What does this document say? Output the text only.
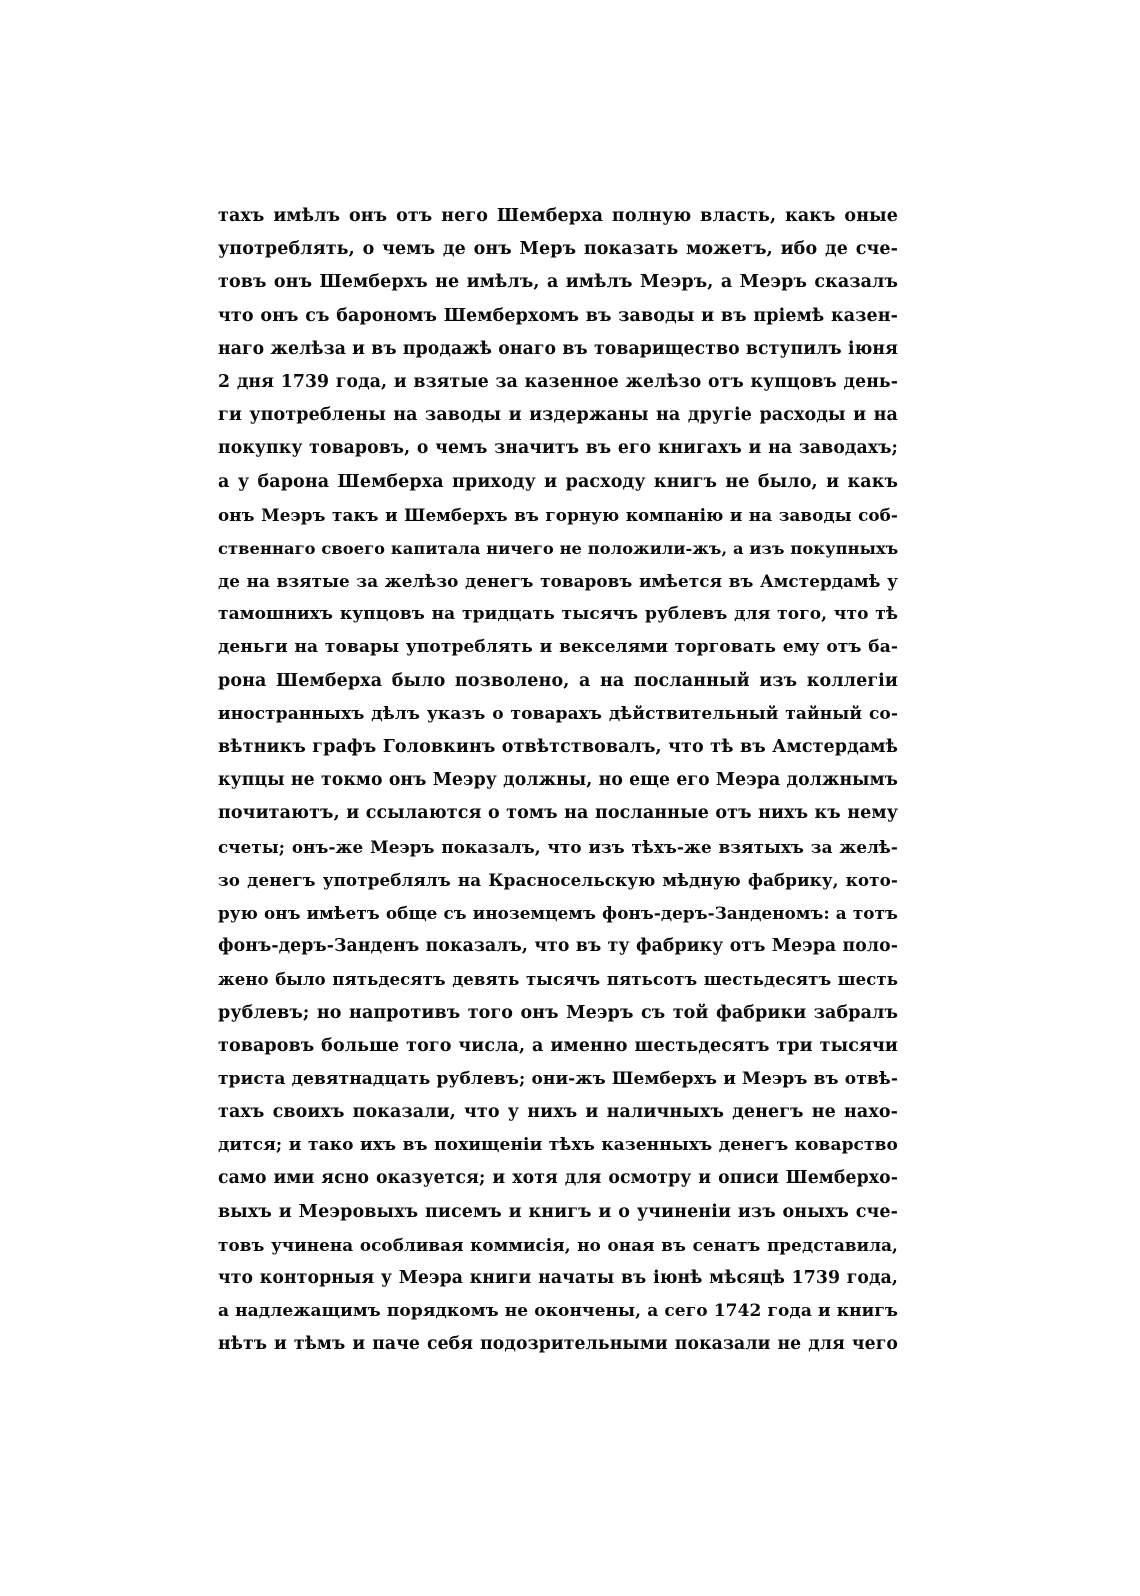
тахъ имѣлъ онъ отъ него Шемберха полную власть, какъ оные
употреблять, о чемъ де онъ Меръ показать можетъ, ибо де сче-
товъ онъ Шемберхъ не имѣлъ, а имѣлъ Меэръ, а Меэръ сказалъ
что онъ съ барономъ Шемберхомъ въ заводы и въ пріемѣ казен-
наго желѣза и въ продажѣ онаго въ товарищество вступилъ іюня
2 дня 1739 года, и взятые за казенное желѣзо отъ купцовъ день-
ги употреблены на заводы и издержаны на другіе расходы и на
покупку товаровъ, о чемъ значитъ въ его книгахъ и на заводахъ;
а у барона Шемберха приходу и расходу книгъ не было, и какъ
онъ Меэръ такъ и Шемберхъ въ горную компанію и на заводы соб-
ственнаго своего капитала ничего не положили-жъ, а изъ покупныхъ
де на взятые за желѣзо денегъ товаровъ имѣется въ Амстердамѣ у
тамошнихъ купцовъ на тридцать тысячъ рублевъ для того, что тѣ
деньги на товары употреблять и векселями торговать ему отъ ба-
рона Шемберха было позволено, а на посланный изъ коллегіи
иностранныхъ дѣлъ указъ о товарахъ дѣйствительный тайный со-
вѣтникъ графъ Головкинъ отвѣтствовалъ, что тѣ въ Амстердамѣ
купцы не токмо онъ Меэру должны, но еще его Меэра должнымъ
почитаютъ, и ссылаются о томъ на посланные отъ нихъ къ нему
счеты; онъ-же Меэръ показалъ, что изъ тѣхъ-же взятыхъ за желѣ-
зо денегъ употреблялъ на Красносельскую мѣдную фабрику, кото-
рую онъ имѣетъ обще съ иноземцемъ фонъ-деръ-Занденомъ: а тотъ
фонъ-деръ-Занденъ показалъ, что въ ту фабрику отъ Меэра поло-
жено было пятьдесятъ девять тысячъ пятьсотъ шестьдесятъ шесть
рублевъ; но напротивъ того онъ Меэръ съ той фабрики забралъ
товаровъ больше того числа, а именно шестьдесятъ три тысячи
триста девятнадцать рублевъ; они-жъ Шемберхъ и Меэръ въ отвѣ-
тахъ своихъ показали, что у нихъ и наличныхъ денегъ не нахо-
дится; и тако ихъ въ похищеніи тѣхъ казенныхъ денегъ коварство
само ими ясно оказуется; и хотя для осмотру и описи Шемберхо-
выхъ и Меэровыхъ писемъ и книгъ и о учиненіи изъ оныхъ сче-
товъ учинена особливая коммисія, но оная въ сенатъ представила,
что конторныя у Меэра книги начаты въ іюнѣ мѣсяцѣ 1739 года,
а надлежащимъ порядкомъ не окончены, а сего 1742 года и книгъ
нѣтъ и тѣмъ и паче себя подозрительными показали не для чего
